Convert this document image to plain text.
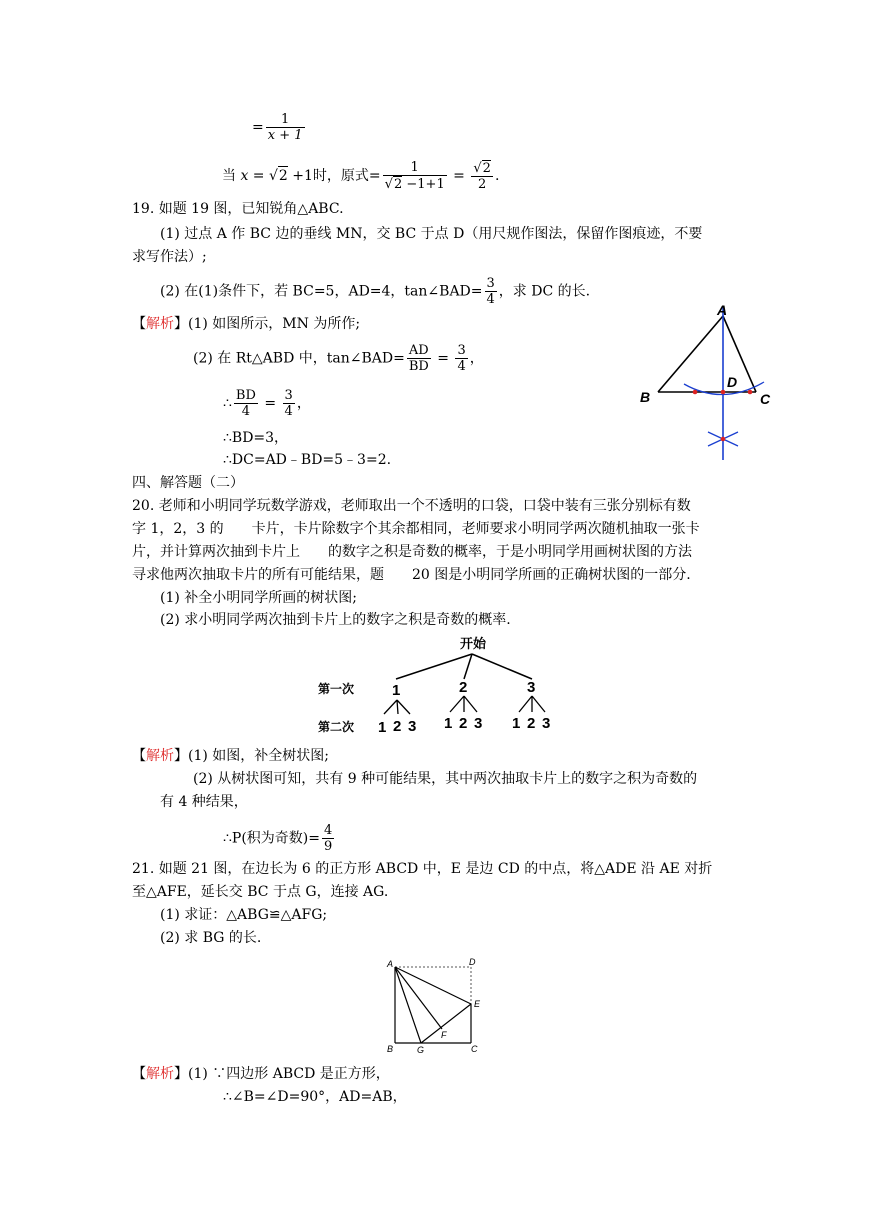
= $\frac{1}{x + 1}$
当 x = √2 +1时，原式= $\frac{1}{√2 -1+1} = \frac{√2}{2}$ .
19. 如题 19 图，已知锐角△ABC.
(1) 过点 A 作 BC 边的垂线 MN，交 BC 于点 D（用尺规作图法，保留作图痕迹，不要
求写作法）;
(2) 在(1)条件下，若 BC=5，AD=4，tan∠BAD= $\frac{3}{4}$ ，求 DC 的长.
【解析】(1) 如图所示，MN 为所作;
(2) 在 Rt△ABD 中，tan∠BAD= $\frac{AD}{BD} = \frac{3}{4}$ ，
∴ $\frac{BD}{4} = \frac{3}{4}$ ，
∴BD=3，
∴DC=AD﹣BD=5﹣3=2.
A
B	C
D
四、解答题（二）
20. 老师和小明同学玩数学游戏，老师取出一个不透明的口袋，口袋中装有三张分别标有数
字 1，2，3 的　　卡片，卡片除数字个其余都相同，老师要求小明同学两次随机抽取一张卡
片，并计算两次抽到卡片上　　的数字之积是奇数的概率，于是小明同学用画树状图的方法
寻求他两次抽取卡片的所有可能结果，题　　20 图是小明同学所画的正确树状图的一部分.
(1) 补全小明同学所画的树状图;
(2) 求小明同学两次抽到卡片上的数字之积是奇数的概率.
开始
第一次
第二次
1	2	3
1 2 3 1 2 3 1 2 3
【解析】(1) 如图，补全树状图;
(2) 从树状图可知，共有 9 种可能结果，其中两次抽取卡片上的数字之积为奇数的
有 4 种结果，
∴P(积为奇数)= $\frac{4}{9}$
21. 如题 21 图，在边长为 6 的正方形 ABCD 中，E 是边 CD 的中点，将△ADE 沿 AE 对折
至△AFE，延长交 BC 于点 G，连接 AG.
(1) 求证：△ABG≌△AFG;
(2) 求 BG 的长.
A	D
E
F
B	G	C
【解析】(1) ∵四边形 ABCD 是正方形，
∴∠B=∠D=90°，AD=AB，
